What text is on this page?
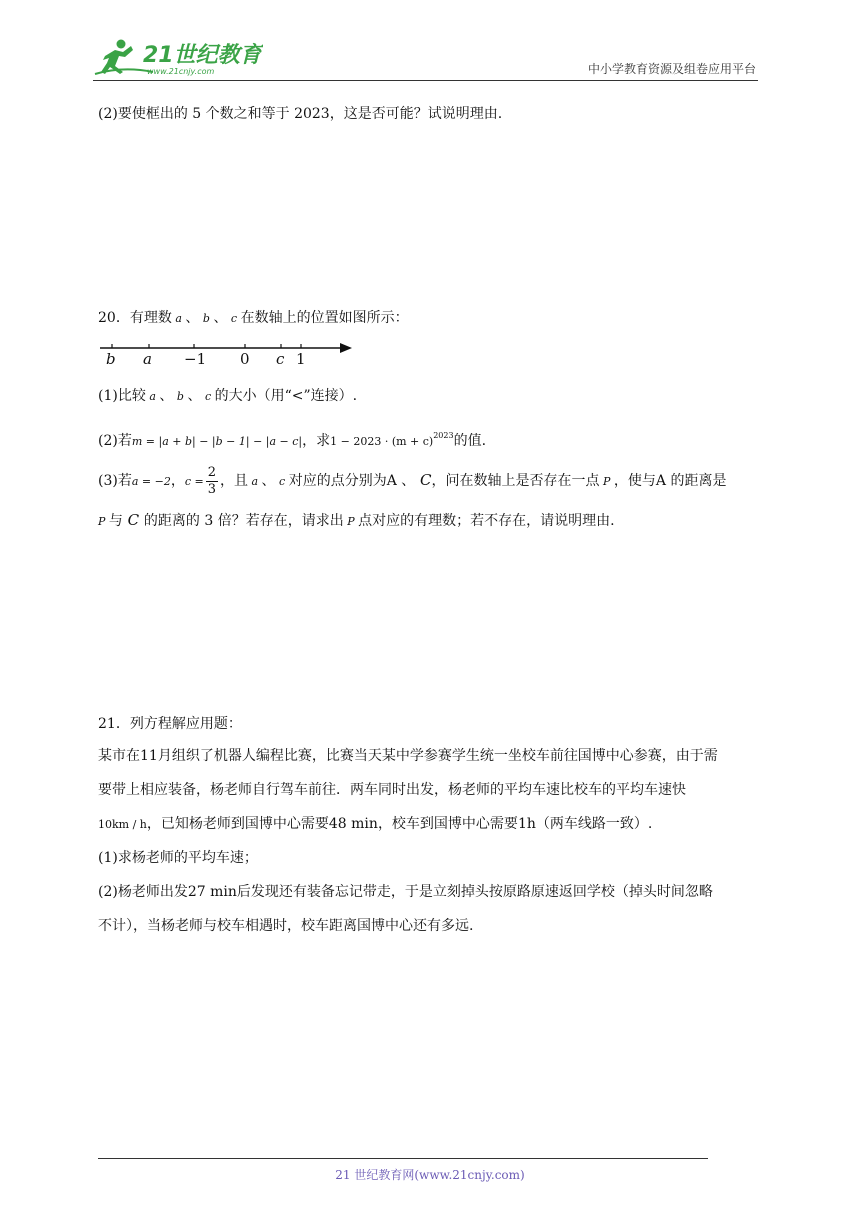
21世纪教育
www.21cnjy.com	中小学教育资源及组卷应用平台
(2)要使框出的 5 个数之和等于 2023，这是否可能？试说明理由.
20．有理数 a 、 b 、 c 在数轴上的位置如图所示：
b a −1 0 c 1
(1)比较 a 、 b 、 c 的大小（用“<”连接）.
(2)若m = |a + b| − |b − 1| − |a − c|，求$1 - 2023 \cdot (m + c)^{2023}$的值.
(3)若a = −2，$c = \frac{2}{3}$ ，且 a 、 c 对应的点分别为A 、 C，问在数轴上是否存在一点 P ，使与A 的距离是
P 与 C 的距离的 3 倍？若存在，请求出 P 点对应的有理数；若不存在，请说明理由.
21．列方程解应用题：
某市在11月组织了机器人编程比赛，比赛当天某中学参赛学生统一坐校车前往国博中心参赛，由于需
要带上相应装备，杨老师自行驾车前往．两车同时出发，杨老师的平均车速比校车的平均车速快
10km / h，已知杨老师到国博中心需要48 min，校车到国博中心需要1h（两车线路一致）.
(1)求杨老师的平均车速；
(2)杨老师出发27 min后发现还有装备忘记带走，于是立刻掉头按原路原速返回学校（掉头时间忽略
不计），当杨老师与校车相遇时，校车距离国博中心还有多远.
21 世纪教育网(www.21cnjy.com)
